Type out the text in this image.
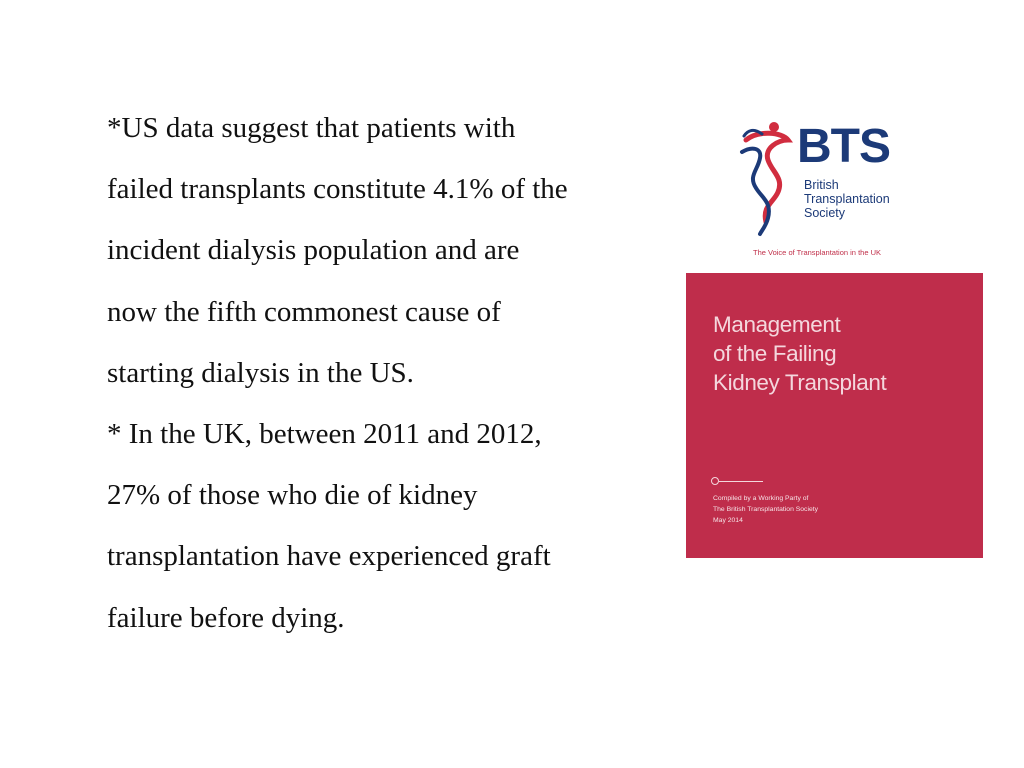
*US data suggest that patients with
failed transplants constitute 4.1% of the
incident dialysis population and are
now the fifth commonest cause of
starting dialysis in the US.
* In the UK, between 2011 and 2012,
27% of those who die of kidney
transplantation have experienced graft
failure before dying.
BTS
British
Transplantation
Society
The Voice of Transplantation in the UK
Management
of the Failing
Kidney Transplant
Compiled by a Working Party of
The British Transplantation Society
May 2014
